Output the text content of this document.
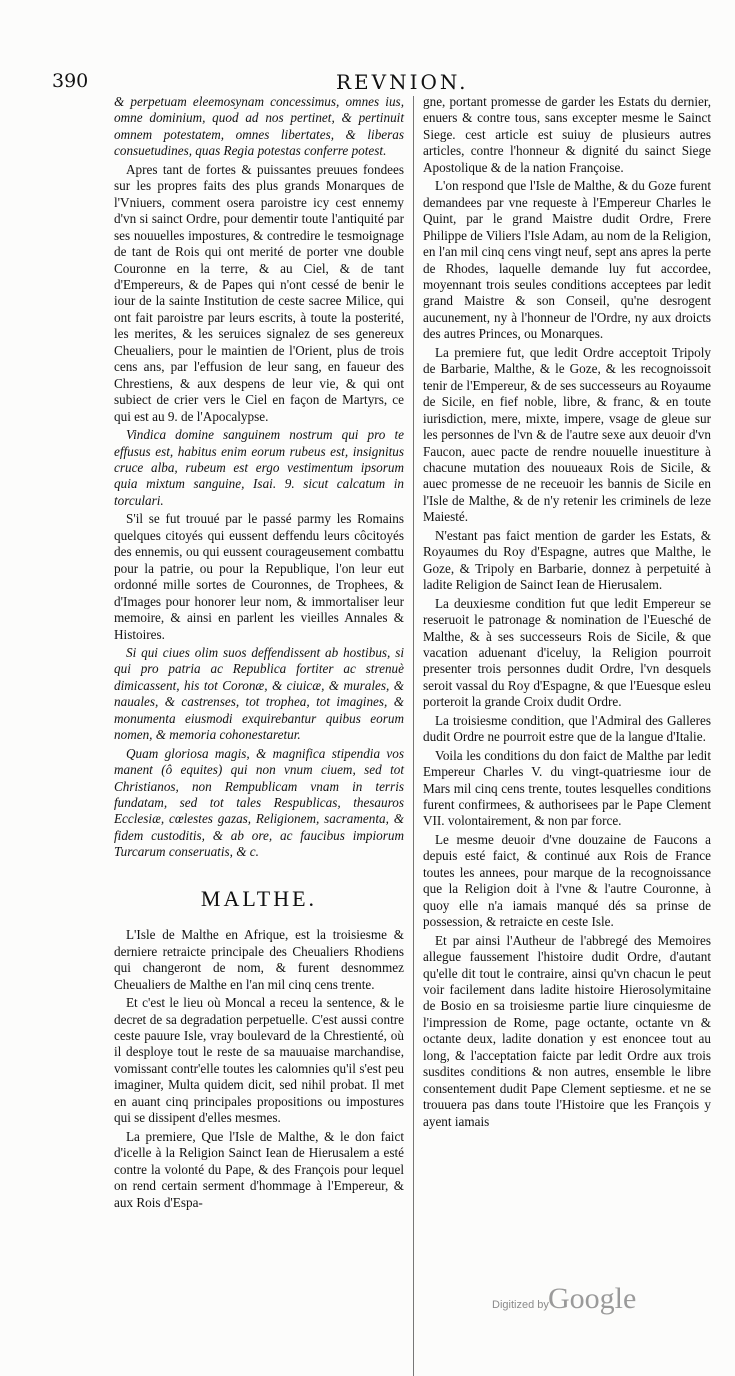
390	REVNION.

& perpetuam eleemosynam concessimus, omnes ius, omne dominium, quod ad nos pertinet, & pertinuit omnem potestatem, omnes libertates, & liberas consuetudines, quas Regia potestas conferre potest.

Apres tant de fortes & puissantes preuues fondees sur les propres faits des plus grands Monarques de l'Vniuers, comment osera paroistre icy cest ennemy d'vn si sainct Ordre, pour dementir toute l'antiquité par ses nouuelles impostures, & contredire le tesmoignage de tant de Rois qui ont merité de porter vne double Couronne en la terre, & au Ciel, & de tant d'Empereurs, & de Papes qui n'ont cessé de benir le iour de la sainte Institution de ceste sacree Milice, qui ont fait paroistre par leurs escrits, à toute la posterité, les merites, & les seruices signalez de ses genereux Cheualiers, pour le maintien de l'Orient, plus de trois cens ans, par l'effusion de leur sang, en faueur des Chrestiens, & aux despens de leur vie, & qui ont subiect de crier vers le Ciel en façon de Martyrs, ce qui est au 9. de l'Apocalypse.

Vindica domine sanguinem nostrum qui pro te effusus est, habitus enim eorum rubeus est, insignitus cruce alba, rubeum est ergo vestimentum ipsorum quia mixtum sanguine, Isai. 9. sicut calcatum in torculari.

S'il se fut trouué par le passé parmy les Romains quelques citoyés qui eussent deffendu leurs côcitoyés des ennemis, ou qui eussent courageusement combattu pour la patrie, ou pour la Republique, l'on leur eut ordonné mille sortes de Couronnes, de Trophees, & d'Images pour honorer leur nom, & immortaliser leur memoire, & ainsi en parlent les vieilles Annales & Histoires.

Si qui ciues olim suos deffendissent ab hostibus, si qui pro patria ac Republica fortiter ac strenuè dimicassent, his tot Coronæ, & ciuicæ, & murales, & nauales, & castrenses, tot trophea, tot imagines, & monumenta eiusmodi exquirebantur quibus eorum nomen, & memoria cohonestaretur.

Quam gloriosa magis, & magnifica stipendia vos manent (ô equites) qui non vnum ciuem, sed tot Christianos, non Rempublicam vnam in terris fundatam, sed tot tales Respublicas, thesauros Ecclesiæ, cœlestes gazas, Religionem, sacramenta, & fidem custoditis, & ab ore, ac faucibus impiorum Turcarum conseruatis, & c.

MALTHE.

L'Isle de Malthe en Afrique, est la troisiesme & derniere retraicte principale des Cheualiers Rhodiens qui changeront de nom, & furent desnommez Cheualiers de Malthe en l'an mil cinq cens trente.

Et c'est le lieu où Moncal a receu la sentence, & le decret de sa degradation perpetuelle. C'est aussi contre ceste pauure Isle, vray boulevard de la Chrestienté, où il desploye tout le reste de sa mauuaise marchandise, vomissant contr'elle toutes les calomnies qu'il s'est peu imaginer, Multa quidem dicit, sed nihil probat. Il met en auant cinq principales propositions ou impostures qui se dissipent d'elles mesmes.

La premiere, Que l'Isle de Malthe, & le don faict d'icelle à la Religion Sainct Iean de Hierusalem a esté contre la volonté du Pape, & des François pour lequel on rend certain serment d'hommage à l'Empereur, & aux Rois d'Espa-

gne, portant promesse de garder les Estats du dernier, enuers & contre tous, sans excepter mesme le Sainct Siege. cest article est suiuy de plusieurs autres articles, contre l'honneur & dignité du sainct Siege Apostolique & de la nation Françoise.

L'on respond que l'Isle de Malthe, & du Goze furent demandees par vne requeste à l'Empereur Charles le Quint, par le grand Maistre dudit Ordre, Frere Philippe de Viliers l'Isle Adam, au nom de la Religion, en l'an mil cinq cens vingt neuf, sept ans apres la perte de Rhodes, laquelle demande luy fut accordee, moyennant trois seules conditions acceptees par ledit grand Maistre & son Conseil, qu'ne desrogent aucunement, ny à l'honneur de l'Ordre, ny aux droicts des autres Princes, ou Monarques.

La premiere fut, que ledit Ordre acceptoit Tripoly de Barbarie, Malthe, & le Goze, & les recognoissoit tenir de l'Empereur, & de ses successeurs au Royaume de Sicile, en fief noble, libre, & franc, & en toute iurisdiction, mere, mixte, impere, vsage de gleue sur les personnes de l'vn & de l'autre sexe aux deuoir d'vn Faucon, auec pacte de rendre nouuelle inuestiture à chacune mutation des nouueaux Rois de Sicile, & auec promesse de ne receuoir les bannis de Sicile en l'Isle de Malthe, & de n'y retenir les criminels de leze Maiesté.

N'estant pas faict mention de garder les Estats, & Royaumes du Roy d'Espagne, autres que Malthe, le Goze, & Tripoly en Barbarie, donnez à perpetuité à ladite Religion de Sainct Iean de Hierusalem.

La deuxiesme condition fut que ledit Empereur se reseruoit le patronage & nomination de l'Euesché de Malthe, & à ses successeurs Rois de Sicile, & que vacation aduenant d'iceluy, la Religion pourroit presenter trois personnes dudit Ordre, l'vn desquels seroit vassal du Roy d'Espagne, & que l'Euesque esleu porteroit la grande Croix dudit Ordre.

La troisiesme condition, que l'Admiral des Galleres dudit Ordre ne pourroit estre que de la langue d'Italie.

Voila les conditions du don faict de Malthe par ledit Empereur Charles V. du vingt-quatriesme iour de Mars mil cinq cens trente, toutes lesquelles conditions furent confirmees, & authorisees par le Pape Clement VII. volontairement, & non par force.

Le mesme deuoir d'vne douzaine de Faucons a depuis esté faict, & continué aux Rois de France toutes les annees, pour marque de la recognoissance que la Religion doit à l'vne & l'autre Couronne, à quoy elle n'a iamais manqué dés sa prinse de possession, & retraicte en ceste Isle.

Et par ainsi l'Autheur de l'abbregé des Memoires allegue faussement l'histoire dudit Ordre, d'autant qu'elle dit tout le contraire, ainsi qu'vn chacun le peut voir facilement dans ladite histoire Hierosolymitaine de Bosio en sa troisiesme partie liure cinquiesme de l'impression de Rome, page octante, octante vn & octante deux, ladite donation y est enoncee tout au long, & l'acceptation faicte par ledit Ordre aux trois susdites conditions & non autres, ensemble le libre consentement dudit Pape Clement septiesme. et ne se trouuera pas dans toute l'Histoire que les François y ayent iamais

Digitized by Google
